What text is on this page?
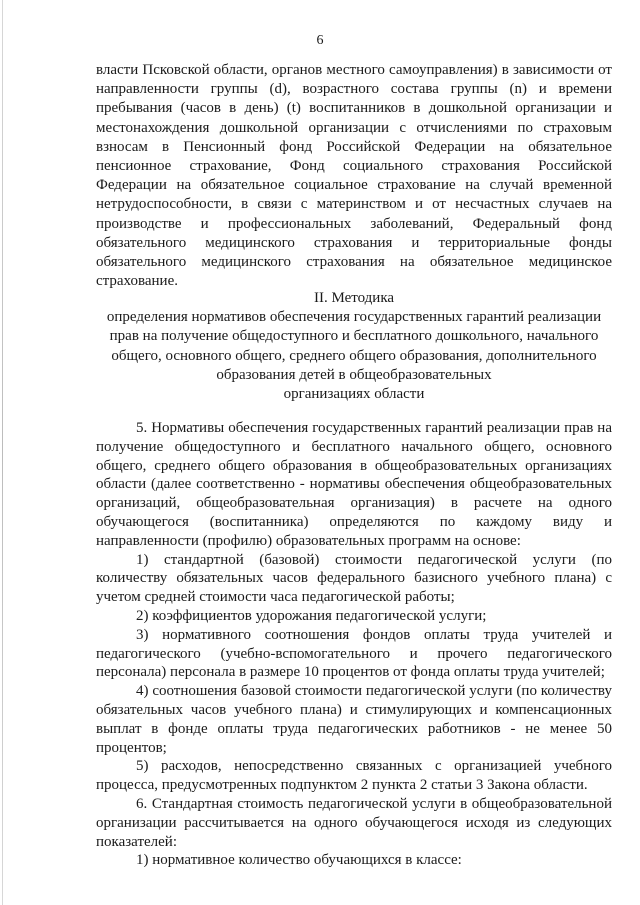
6

власти Псковской области, органов местного самоуправления) в зависимости от направленности группы (d), возрастного состава группы (n) и времени пребывания (часов в день) (t) воспитанников в дошкольной организации и местонахождения дошкольной организации с отчислениями по страховым взносам в Пенсионный фонд Российской Федерации на обязательное пенсионное страхование, Фонд социального страхования Российской Федерации на обязательное социальное страхование на случай временной нетрудоспособности, в связи с материнством и от несчастных случаев на производстве и профессиональных заболеваний, Федеральный фонд обязательного медицинского страхования и территориальные фонды обязательного медицинского страхования на обязательное медицинское страхование.

II. Методика
определения нормативов обеспечения государственных гарантий реализации
прав на получение общедоступного и бесплатного дошкольного, начального
общего, основного общего, среднего общего образования, дополнительного
образования детей в общеобразовательных
организациях области

5. Нормативы обеспечения государственных гарантий реализации прав на получение общедоступного и бесплатного начального общего, основного общего, среднего общего образования в общеобразовательных организациях области (далее соответственно - нормативы обеспечения общеобразовательных организаций, общеобразовательная организация) в расчете на одного обучающегося (воспитанника) определяются по каждому виду и направленности (профилю) образовательных программ на основе:

1) стандартной (базовой) стоимости педагогической услуги (по количеству обязательных часов федерального базисного учебного плана) с учетом средней стоимости часа педагогической работы;

2) коэффициентов удорожания педагогической услуги;

3) нормативного соотношения фондов оплаты труда учителей и педагогического (учебно-вспомогательного и прочего педагогического персонала) персонала в размере 10 процентов от фонда оплаты труда учителей;

4) соотношения базовой стоимости педагогической услуги (по количеству обязательных часов учебного плана) и стимулирующих и компенсационных выплат в фонде оплаты труда педагогических работников - не менее 50 процентов;

5) расходов, непосредственно связанных с организацией учебного процесса, предусмотренных подпунктом 2 пункта 2 статьи 3 Закона области.

6. Стандартная стоимость педагогической услуги в общеобразовательной организации рассчитывается на одного обучающегося исходя из следующих показателей:

1) нормативное количество обучающихся в классе:
